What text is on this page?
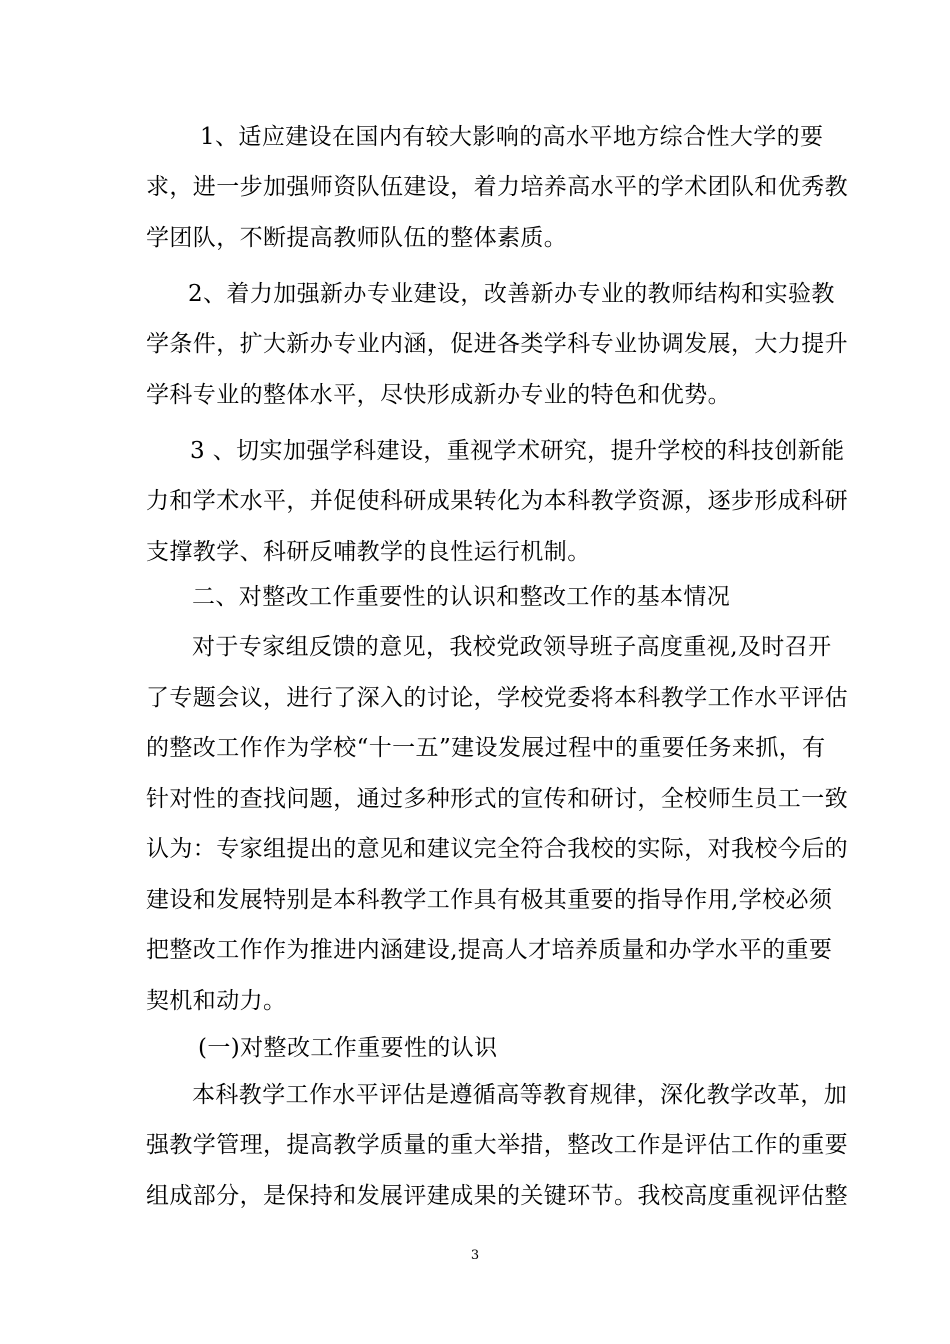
1、适应建设在国内有较大影响的高水平地方综合性大学的要
求，进一步加强师资队伍建设，着力培养高水平的学术团队和优秀教
学团队，不断提高教师队伍的整体素质。
2、着力加强新办专业建设，改善新办专业的教师结构和实验教
学条件，扩大新办专业内涵，促进各类学科专业协调发展，大力提升
学科专业的整体水平，尽快形成新办专业的特色和优势。
3 、切实加强学科建设，重视学术研究，提升学校的科技创新能
力和学术水平，并促使科研成果转化为本科教学资源，逐步形成科研
支撑教学、科研反哺教学的良性运行机制。
二、对整改工作重要性的认识和整改工作的基本情况
对于专家组反馈的意见，我校党政领导班子高度重视,及时召开
了专题会议，进行了深入的讨论，学校党委将本科教学工作水平评估
的整改工作作为学校“十一五”建设发展过程中的重要任务来抓，有
针对性的查找问题，通过多种形式的宣传和研讨，全校师生员工一致
认为：专家组提出的意见和建议完全符合我校的实际，对我校今后的
建设和发展特别是本科教学工作具有极其重要的指导作用,学校必须
把整改工作作为推进内涵建设,提高人才培养质量和办学水平的重要
契机和动力。
(一)对整改工作重要性的认识
本科教学工作水平评估是遵循高等教育规律，深化教学改革，加
强教学管理，提高教学质量的重大举措，整改工作是评估工作的重要
组成部分，是保持和发展评建成果的关键环节。我校高度重视评估整
3
